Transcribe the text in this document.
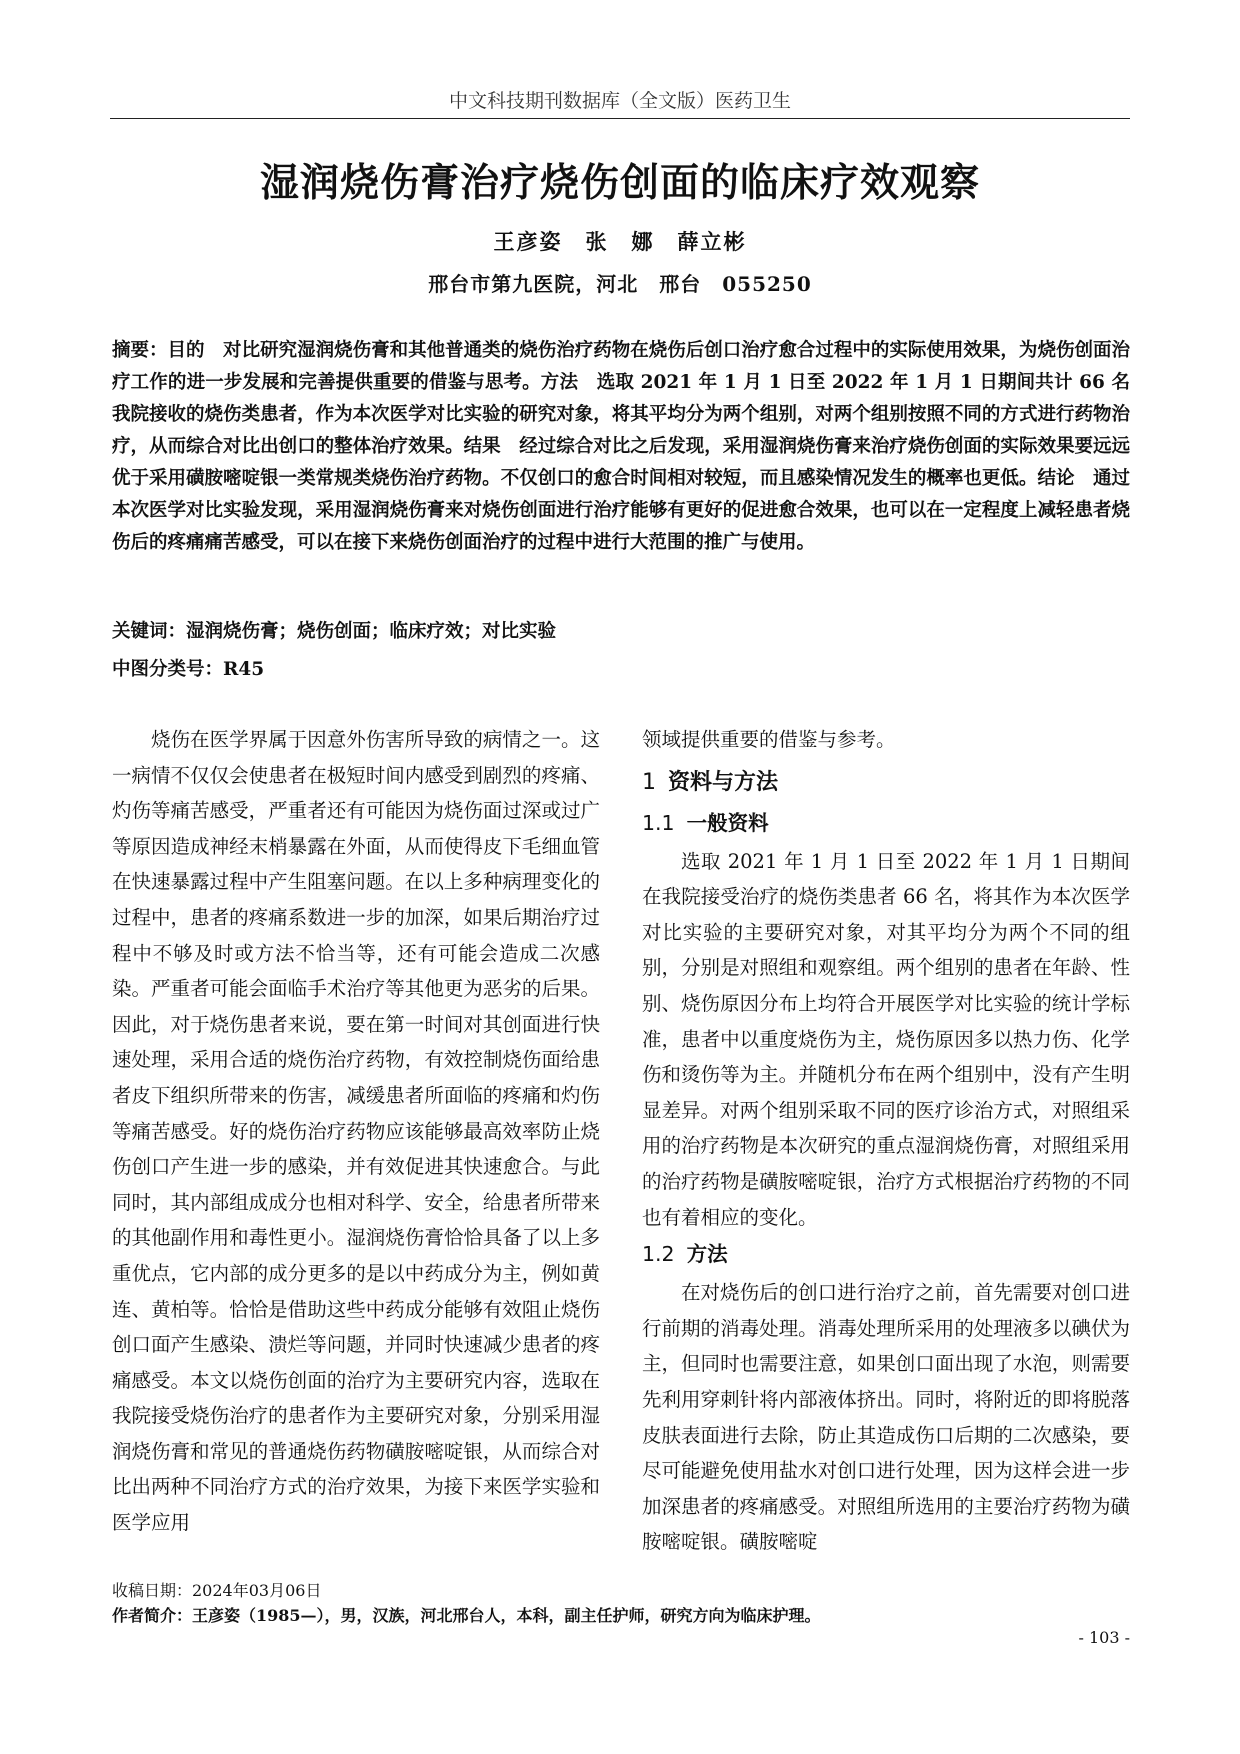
中文科技期刊数据库（全文版）医药卫生
湿润烧伤膏治疗烧伤创面的临床疗效观察
王彦姿　张　娜　薛立彬
邢台市第九医院，河北　邢台　055250
摘要：目的　对比研究湿润烧伤膏和其他普通类的烧伤治疗药物在烧伤后创口治疗愈合过程中的实际使用效果，为烧伤创面治疗工作的进一步发展和完善提供重要的借鉴与思考。方法　选取 2021 年 1 月 1 日至 2022 年 1 月 1 日期间共计 66 名我院接收的烧伤类患者，作为本次医学对比实验的研究对象，将其平均分为两个组别，对两个组别按照不同的方式进行药物治疗，从而综合对比出创口的整体治疗效果。结果　经过综合对比之后发现，采用湿润烧伤膏来治疗烧伤创面的实际效果要远远优于采用磺胺嘧啶银一类常规类烧伤治疗药物。不仅创口的愈合时间相对较短，而且感染情况发生的概率也更低。结论　通过本次医学对比实验发现，采用湿润烧伤膏来对烧伤创面进行治疗能够有更好的促进愈合效果，也可以在一定程度上减轻患者烧伤后的疼痛痛苦感受，可以在接下来烧伤创面治疗的过程中进行大范围的推广与使用。
关键词：湿润烧伤膏；烧伤创面；临床疗效；对比实验
中图分类号：R45

烧伤在医学界属于因意外伤害所导致的病情之一。这一病情不仅仅会使患者在极短时间内感受到剧烈的疼痛、灼伤等痛苦感受，严重者还有可能因为烧伤面过深或过广等原因造成神经末梢暴露在外面，从而使得皮下毛细血管在快速暴露过程中产生阻塞问题。在以上多种病理变化的过程中，患者的疼痛系数进一步的加深，如果后期治疗过程中不够及时或方法不恰当等，还有可能会造成二次感染。严重者可能会面临手术治疗等其他更为恶劣的后果。因此，对于烧伤患者来说，要在第一时间对其创面进行快速处理，采用合适的烧伤治疗药物，有效控制烧伤面给患者皮下组织所带来的伤害，减缓患者所面临的疼痛和灼伤等痛苦感受。好的烧伤治疗药物应该能够最高效率防止烧伤创口产生进一步的感染，并有效促进其快速愈合。与此同时，其内部组成成分也相对科学、安全，给患者所带来的其他副作用和毒性更小。湿润烧伤膏恰恰具备了以上多重优点，它内部的成分更多的是以中药成分为主，例如黄连、黄柏等。恰恰是借助这些中药成分能够有效阻止烧伤创口面产生感染、溃烂等问题，并同时快速减少患者的疼痛感受。本文以烧伤创面的治疗为主要研究内容，选取在我院接受烧伤治疗的患者作为主要研究对象，分别采用湿润烧伤膏和常见的普通烧伤药物磺胺嘧啶银，从而综合对比出两种不同治疗方式的治疗效果，为接下来医学实验和医学应用

领域提供重要的借鉴与参考。

1 资料与方法
1.1 一般资料

选取 2021 年 1 月 1 日至 2022 年 1 月 1 日期间在我院接受治疗的烧伤类患者 66 名，将其作为本次医学对比实验的主要研究对象，对其平均分为两个不同的组别，分别是对照组和观察组。两个组别的患者在年龄、性别、烧伤原因分布上均符合开展医学对比实验的统计学标准，患者中以重度烧伤为主，烧伤原因多以热力伤、化学伤和烫伤等为主。并随机分布在两个组别中，没有产生明显差异。对两个组别采取不同的医疗诊治方式，对照组采用的治疗药物是本次研究的重点湿润烧伤膏，对照组采用的治疗药物是磺胺嘧啶银，治疗方式根据治疗药物的不同也有着相应的变化。

1.2 方法

在对烧伤后的创口进行治疗之前，首先需要对创口进行前期的消毒处理。消毒处理所采用的处理液多以碘伏为主，但同时也需要注意，如果创口面出现了水泡，则需要先利用穿刺针将内部液体挤出。同时，将附近的即将脱落皮肤表面进行去除，防止其造成伤口后期的二次感染，要尽可能避免使用盐水对创口进行处理，因为这样会进一步加深患者的疼痛感受。对照组所选用的主要治疗药物为磺胺嘧啶银。磺胺嘧啶

收稿日期：2024年03月06日
作者简介：王彦姿（1985—），男，汉族，河北邢台人，本科，副主任护师，研究方向为临床护理。
- 103 -
